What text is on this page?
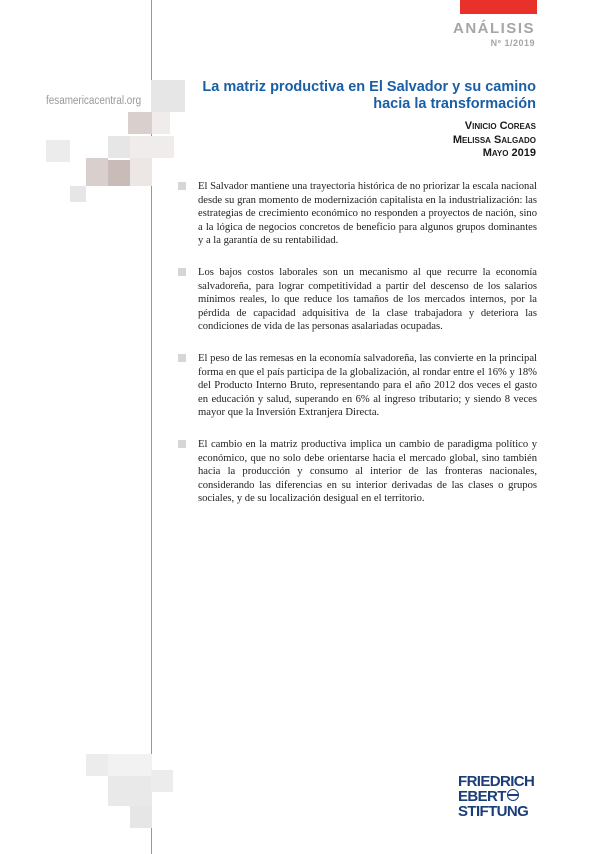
ANÁLISIS
Nº 1/2019
fesamericacentral.org
La matriz productiva en El Salvador y su camino hacia la transformación
Vinicio Coreas
Melissa Salgado
Mayo 2019
El Salvador mantiene una trayectoria histórica de no priorizar la escala nacional desde su gran momento de modernización capitalista en la industrialización: las estrategias de crecimiento económico no responden a proyectos de nación, sino a la lógica de negocios concretos de beneficio para algunos grupos dominantes y a la garantía de su rentabilidad.
Los bajos costos laborales son un mecanismo al que recurre la economía salvadoreña, para lograr competitividad a partir del descenso de los salarios mínimos reales, lo que reduce los tamaños de los mercados internos, por la pérdida de capacidad adquisitiva de la clase trabajadora y deteriora las condiciones de vida de las personas asalariadas ocupadas.
El peso de las remesas en la economía salvadoreña, las convierte en la principal forma en que el país participa de la globalización, al rondar entre el 16% y 18% del Producto Interno Bruto, representando para el año 2012 dos veces el gasto en educación y salud, superando en 6% al ingreso tributario; y siendo 8 veces mayor que la Inversión Extranjera Directa.
El cambio en la matriz productiva implica un cambio de paradigma político y económico, que no solo debe orientarse hacia el mercado global, sino también hacia la producción y consumo al interior de las fronteras nacionales, considerando las diferencias en su interior derivadas de las clases o grupos sociales, y de su localización desigual en el territorio.
FRIEDRICH
EBERT
STIFTUNG
